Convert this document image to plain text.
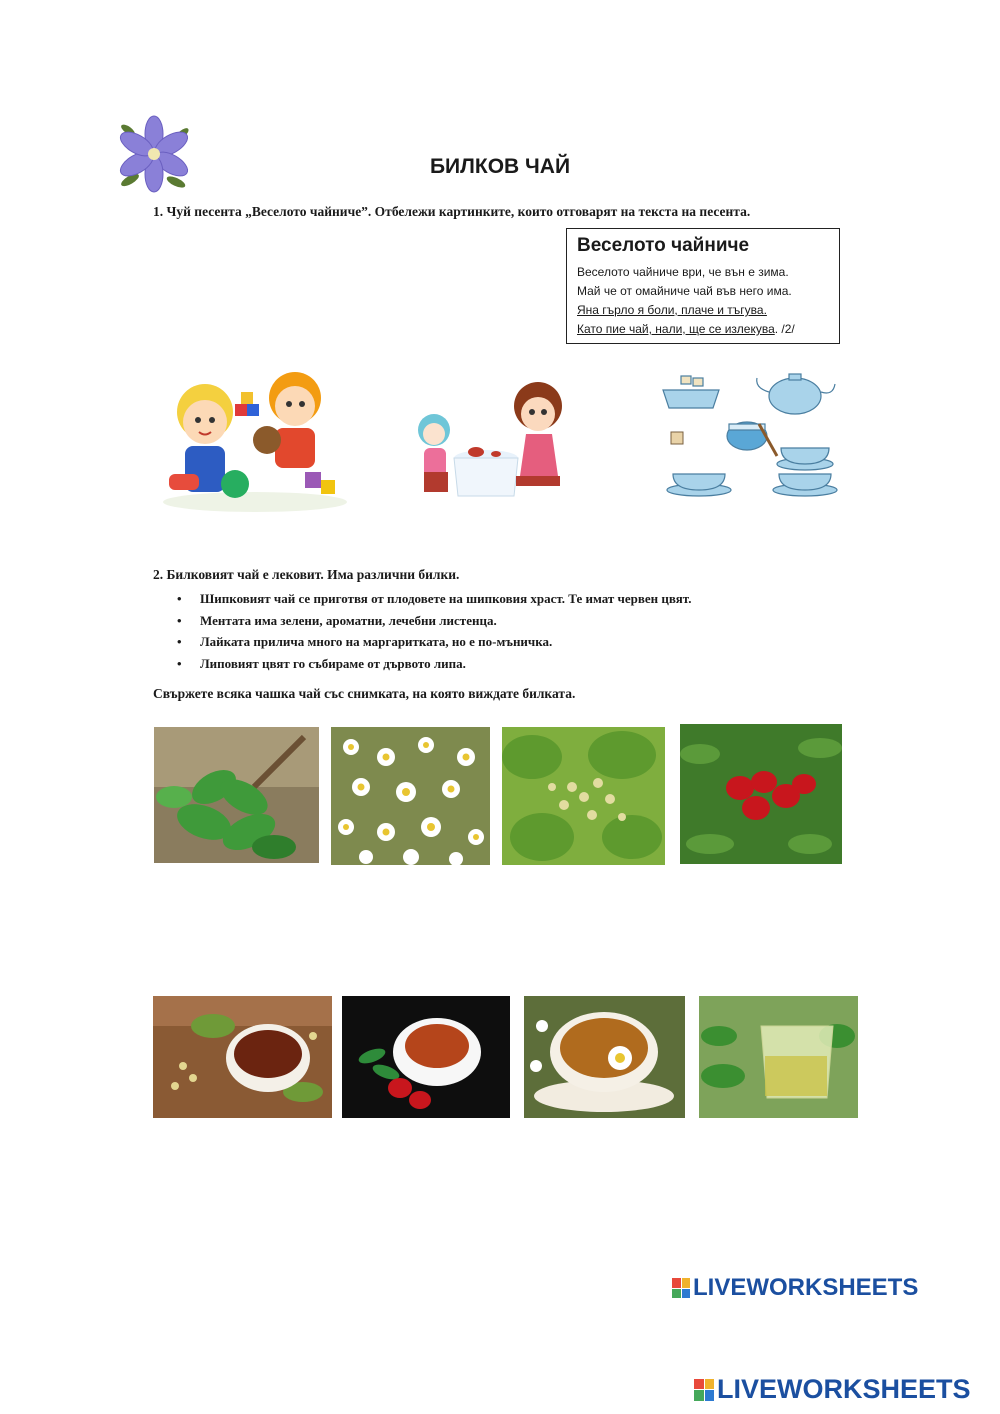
БИЛКОВ ЧАЙ
1. Чуй песента „Веселото чайниче”. Отбележи картинките, които отговарят на текста на песента.
Веселото чайниче
Веселото чайниче ври, че вън е зима.
Май че от омайниче чай във него има.
Яна гърло я боли, плаче и тъгува.
Като пие чай, нали, ще се излекува. /2/
2. Билковият чай е лековит. Има различни билки.
• Шипковият чай се приготвя от плодовете на шипковия храст. Те имат червен цвят.
• Ментата има зелени, ароматни, лечебни листенца.
• Лайката прилича много на маргаритката, но е по-мъничка.
• Липовият цвят го събираме от дървото липа.
Свържете всяка чашка чай със снимката, на която виждате билката.
LIVEWORKSHEETS
LIVEWORKSHEETS
